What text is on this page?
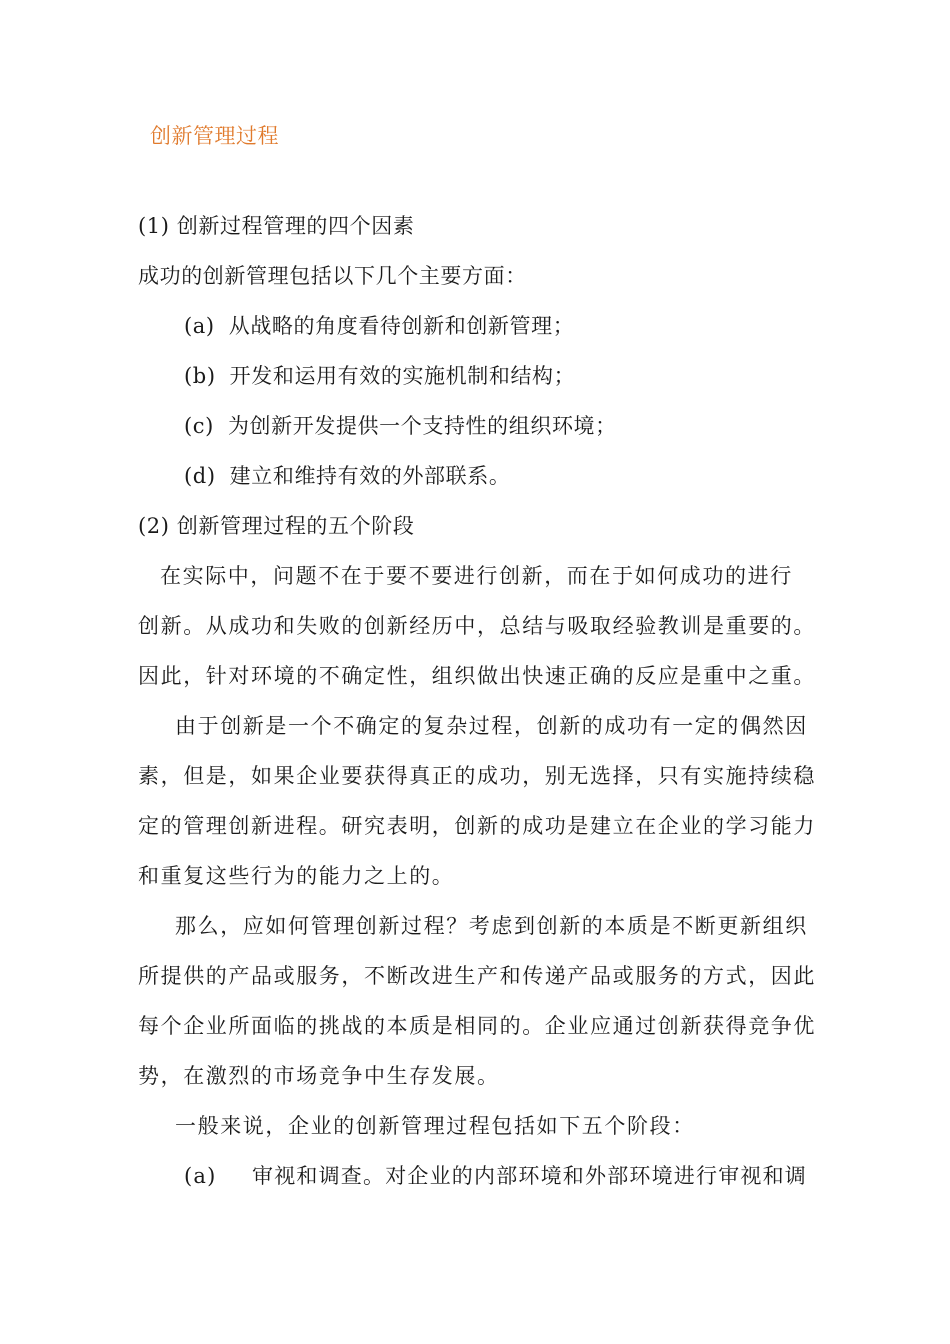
创新管理过程
(1) 创新过程管理的四个因素
成功的创新管理包括以下几个主要方面：
(a) 从战略的角度看待创新和创新管理；
(b) 开发和运用有效的实施机制和结构；
(c) 为创新开发提供一个支持性的组织环境；
(d) 建立和维持有效的外部联系。
(2) 创新管理过程的五个阶段
在实际中，问题不在于要不要进行创新，而在于如何成功的进行
创新。从成功和失败的创新经历中，总结与吸取经验教训是重要的。
因此，针对环境的不确定性，组织做出快速正确的反应是重中之重。
由于创新是一个不确定的复杂过程，创新的成功有一定的偶然因
素，但是，如果企业要获得真正的成功，别无选择，只有实施持续稳
定的管理创新进程。研究表明，创新的成功是建立在企业的学习能力
和重复这些行为的能力之上的。
那么，应如何管理创新过程？考虑到创新的本质是不断更新组织
所提供的产品或服务，不断改进生产和传递产品或服务的方式，因此
每个企业所面临的挑战的本质是相同的。企业应通过创新获得竞争优
势，在激烈的市场竞争中生存发展。
一般来说，企业的创新管理过程包括如下五个阶段：
(a) 审视和调查。对企业的内部环境和外部环境进行审视和调
